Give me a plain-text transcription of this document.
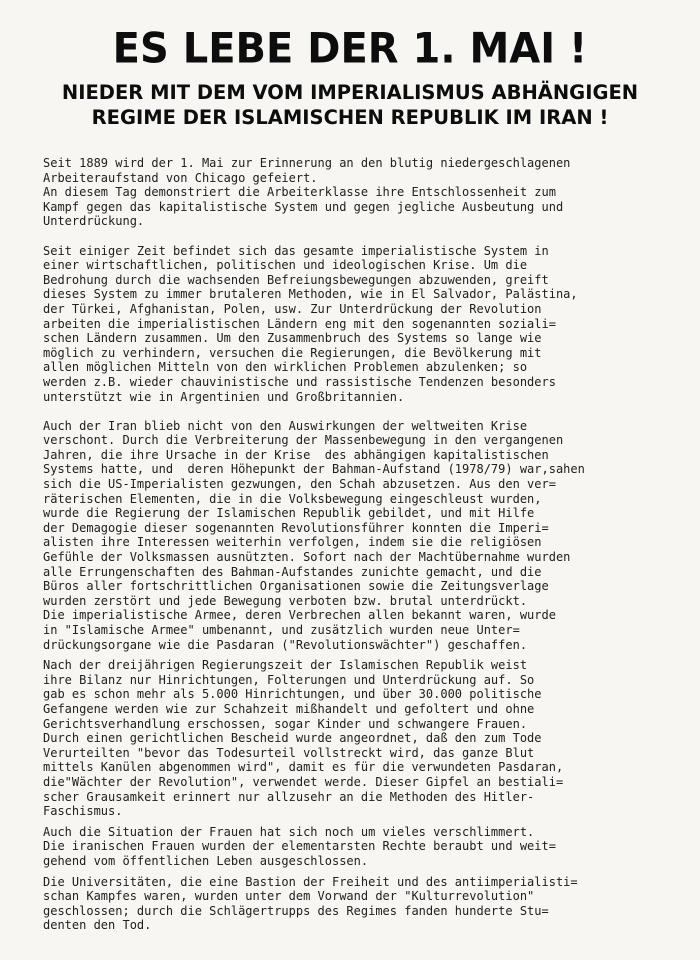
ES LEBE DER 1. MAI !
NIEDER MIT DEM VOM IMPERIALISMUS ABHÄNGIGEN
REGIME DER ISLAMISCHEN REPUBLIK IM IRAN !
Seit 1889 wird der 1. Mai zur Erinnerung an den blutig niedergeschlagenen
Arbeiteraufstand von Chicago gefeiert.
An diesem Tag demonstriert die Arbeiterklasse ihre Entschlossenheit zum
Kampf gegen das kapitalistische System und gegen jegliche Ausbeutung und
Unterdrückung.
Seit einiger Zeit befindet sich das gesamte imperialistische System in
einer wirtschaftlichen, politischen und ideologischen Krise. Um die
Bedrohung durch die wachsenden Befreiungsbewegungen abzuwenden, greift
dieses System zu immer brutaleren Methoden, wie in El Salvador, Palästina,
der Türkei, Afghanistan, Polen, usw. Zur Unterdrückung der Revolution
arbeiten die imperialistischen Ländern eng mit den sogenannten soziali=
schen Ländern zusammen. Um den Zusammenbruch des Systems so lange wie
möglich zu verhindern, versuchen die Regierungen, die Bevölkerung mit
allen möglichen Mitteln von den wirklichen Problemen abzulenken; so
werden z.B. wieder chauvinistische und rassistische Tendenzen besonders
unterstützt wie in Argentinien und Großbritannien.
Auch der Iran blieb nicht von den Auswirkungen der weltweiten Krise
verschont. Durch die Verbreiterung der Massenbewegung in den vergangenen
Jahren, die ihre Ursache in der Krise  des abhängigen kapitalistischen
Systems hatte, und  deren Höhepunkt der Bahman-Aufstand (1978/79) war,sahen
sich die US-Imperialisten gezwungen, den Schah abzusetzen. Aus den ver=
räterischen Elementen, die in die Volksbewegung eingeschleust wurden,
wurde die Regierung der Islamischen Republik gebildet, und mit Hilfe
der Demagogie dieser sogenannten Revolutionsführer konnten die Imperi=
alisten ihre Interessen weiterhin verfolgen, indem sie die religiösen
Gefühle der Volksmassen ausnützten. Sofort nach der Machtübernahme wurden
alle Errungenschaften des Bahman-Aufstandes zunichte gemacht, und die
Büros aller fortschrittlichen Organisationen sowie die Zeitungsverlage
wurden zerstört und jede Bewegung verboten bzw. brutal unterdrückt.
Die imperialistische Armee, deren Verbrechen allen bekannt waren, wurde
in "Islamische Armee" umbenannt, und zusätzlich wurden neue Unter=
drückungsorgane wie die Pasdaran ("Revolutionswächter") geschaffen.
Nach der dreijährigen Regierungszeit der Islamischen Republik weist
ihre Bilanz nur Hinrichtungen, Folterungen und Unterdrückung auf. So
gab es schon mehr als 5.000 Hinrichtungen, und über 30.000 politische
Gefangene werden wie zur Schahzeit mißhandelt und gefoltert und ohne
Gerichtsverhandlung erschossen, sogar Kinder und schwangere Frauen.
Durch einen gerichtlichen Bescheid wurde angeordnet, daß den zum Tode
Verurteilten "bevor das Todesurteil vollstreckt wird, das ganze Blut
mittels Kanülen abgenommen wird", damit es für die verwundeten Pasdaran,
die"Wächter der Revolution", verwendet werde. Dieser Gipfel an bestiali=
scher Grausamkeit erinnert nur allzusehr an die Methoden des Hitler-
Faschismus.
Auch die Situation der Frauen hat sich noch um vieles verschlimmert.
Die iranischen Frauen wurden der elementarsten Rechte beraubt und weit=
gehend vom öffentlichen Leben ausgeschlossen.
Die Universitäten, die eine Bastion der Freiheit und des antiimperialisti=
schan Kampfes waren, wurden unter dem Vorwand der "Kulturrevolution"
geschlossen; durch die Schlägertrupps des Regimes fanden hunderte Stu=
denten den Tod.
